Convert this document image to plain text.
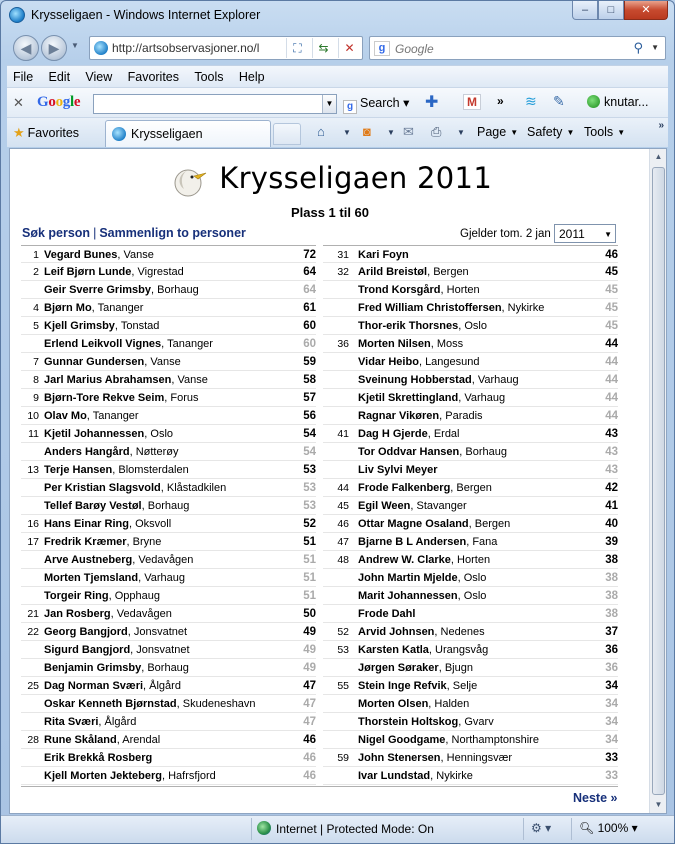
Krysseligaen - Windows Internet Explorer	–	□	✕
◀	▶	▼	http://artsobservasjoner.no/l	⛶	⇆	✕	g Google	⚲ ▼
File Edit View Favorites Tools Help
✕ Google	▼	g Search ▾ ✚	M	» ≋ ✎	knutar...
★ Favorites	Krysseligaen	⌂ ▼ ◙ ▼ ✉ ⎙ ▼ Page ▼ Safety ▼ Tools ▼
»
Krysseligaen 2011
Plass 1 til 60
Søk person | Sammenlign to personer	Gjelder tom. 2 jan 2011 ▼
1 Vegard Bunes, Vanse	72
2 Leif Bjørn Lunde, Vigrestad	64
Geir Sverre Grimsby, Borhaug	64
4 Bjørn Mo, Tananger	61
5 Kjell Grimsby, Tonstad	60
Erlend Leikvoll Vignes, Tananger	60
7 Gunnar Gundersen, Vanse	59
8 Jarl Marius Abrahamsen, Vanse	58
9 Bjørn-Tore Rekve Seim, Forus	57
10 Olav Mo, Tananger	56
11 Kjetil Johannessen, Oslo	54
Anders Hangård, Nøtterøy	54
13 Terje Hansen, Blomsterdalen	53
Per Kristian Slagsvold, Klåstadkilen	53
Tellef Barøy Vestøl, Borhaug	53
16 Hans Einar Ring, Oksvoll	52
17 Fredrik Kræmer, Bryne	51
Arve Austneberg, Vedavågen	51
Morten Tjemsland, Varhaug	51
Torgeir Ring, Opphaug	51
21 Jan Rosberg, Vedavågen	50
22 Georg Bangjord, Jonsvatnet	49
Sigurd Bangjord, Jonsvatnet	49
Benjamin Grimsby, Borhaug	49
25 Dag Norman Sværi, Ålgård	47
Oskar Kenneth Bjørnstad, Skudeneshavn	47
Rita Sværi, Ålgård	47
28 Rune Skåland, Arendal	46
Erik Brekkå Rosberg	46
Kjell Morten Jekteberg, Hafrsfjord	46
31 Kari Foyn	46
32 Arild Breistøl, Bergen	45
Trond Korsgård, Horten	45
Fred William Christoffersen, Nykirke	45
Thor-erik Thorsnes, Oslo	45
36 Morten Nilsen, Moss	44
Vidar Heibo, Langesund	44
Sveinung Hobberstad, Varhaug	44
Kjetil Skrettingland, Varhaug	44
Ragnar Vikøren, Paradis	44
41 Dag H Gjerde, Erdal	43
Tor Oddvar Hansen, Borhaug	43
Liv Sylvi Meyer	43
44 Frode Falkenberg, Bergen	42
45 Egil Ween, Stavanger	41
46 Ottar Magne Osaland, Bergen	40
47 Bjarne B L Andersen, Fana	39
48 Andrew W. Clarke, Horten	38
John Martin Mjelde, Oslo	38
Marit Johannessen, Oslo	38
Frode Dahl	38
52 Arvid Johnsen, Nedenes	37
53 Karsten Katla, Urangsvåg	36
Jørgen Søraker, Bjugn	36
55 Stein Inge Refvik, Selje	34
Morten Olsen, Halden	34
Thorstein Holtskog, Gvarv	34
Nigel Goodgame, Northamptonshire	34
59 John Stenersen, Henningsvær	33
Ivar Lundstad, Nykirke	33
Neste »
▲
▼
Internet | Protected Mode: On	⚙ ▾ 🔍︎ 100% ▾
